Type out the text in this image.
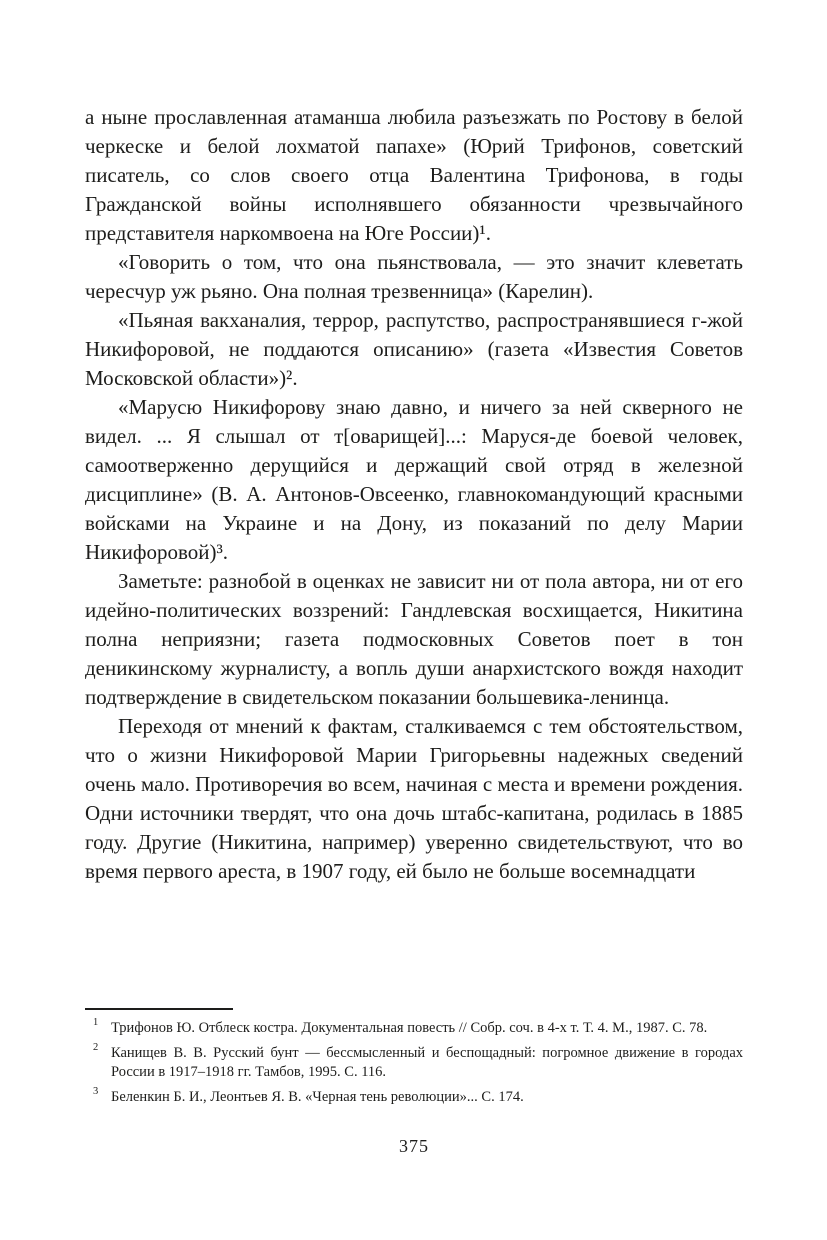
а ныне прославленная атаманша любила разъезжать по Ростову в белой черкеске и белой лохматой папахе» (Юрий Трифонов, советский писатель, со слов своего отца Валентина Трифонова, в годы Гражданской войны исполнявшего обязанности чрезвычайного представителя наркомвоена на Юге России)¹.

«Говорить о том, что она пьянствовала, — это значит клеветать чересчур уж рьяно. Она полная трезвенница» (Карелин).

«Пьяная вакханалия, террор, распутство, распространявшиеся г-жой Никифоровой, не поддаются описанию» (газета «Известия Советов Московской области»)².

«Марусю Никифорову знаю давно, и ничего за ней скверного не видел. ... Я слышал от т[оварищей]...: Маруся-де боевой человек, самоотверженно дерущийся и держащий свой отряд в железной дисциплине» (В. А. Антонов-Овсеенко, главнокомандующий красными войсками на Украине и на Дону, из показаний по делу Марии Никифоровой)³.

Заметьте: разнобой в оценках не зависит ни от пола автора, ни от его идейно-политических воззрений: Гандлевская восхищается, Никитина полна неприязни; газета подмосковных Советов поет в тон деникинскому журналисту, а вопль души анархистского вождя находит подтверждение в свидетельском показании большевика-ленинца.

Переходя от мнений к фактам, сталкиваемся с тем обстоятельством, что о жизни Никифоровой Марии Григорьевны надежных сведений очень мало. Противоречия во всем, начиная с места и времени рождения. Одни источники твердят, что она дочь штабс-капитана, родилась в 1885 году. Другие (Никитина, например) уверенно свидетельствуют, что во время первого ареста, в 1907 году, ей было не больше восемнадцати

1 Трифонов Ю. Отблеск костра. Документальная повесть // Собр. соч. в 4-х т. Т. 4. М., 1987. С. 78.
2 Канищев В. В. Русский бунт — бессмысленный и беспощадный: погромное движение в городах России в 1917–1918 гг. Тамбов, 1995. С. 116.
3 Беленкин Б. И., Леонтьев Я. В. «Черная тень революции»... С. 174.
375
